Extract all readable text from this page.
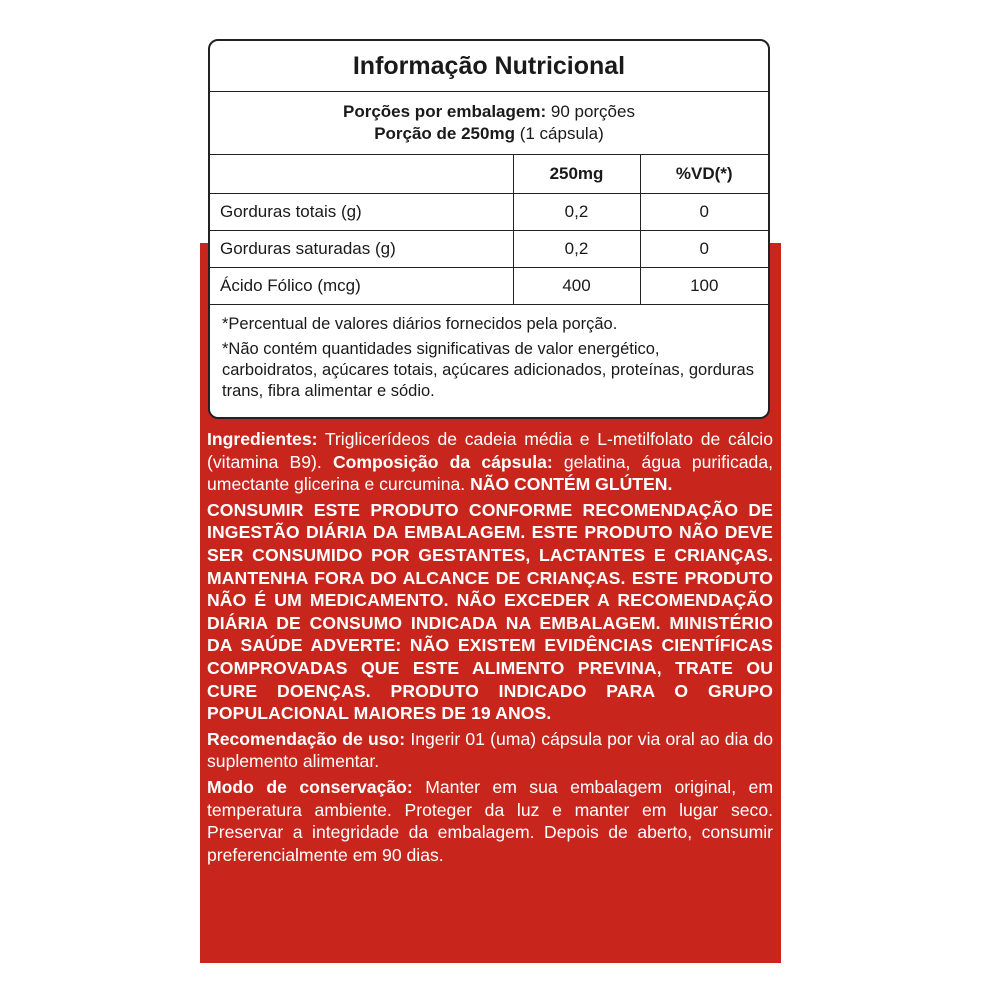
Informação Nutricional
Porções por embalagem: 90 porções
Porção de 250mg (1 cápsula)
	250mg	%VD(*)
Gorduras totais (g)	0,2	0
Gorduras saturadas (g)	0,2	0
Ácido Fólico (mcg)	400	100

*Percentual de valores diários fornecidos pela porção.

*Não contém quantidades significativas de valor energético, carboidratos, açúcares totais, açúcares adicionados, proteínas, gorduras trans, fibra alimentar e sódio.

Ingredientes: Triglicerídeos de cadeia média e L-metilfolato de cálcio (vitamina B9). Composição da cápsula: gelatina, água purificada, umectante glicerina e curcumina. NÃO CONTÉM GLÚTEN.

CONSUMIR ESTE PRODUTO CONFORME RECOMENDAÇÃO DE INGESTÃO DIÁRIA DA EMBALAGEM. ESTE PRODUTO NÃO DEVE SER CONSUMIDO POR GESTANTES, LACTANTES E CRIANÇAS. MANTENHA FORA DO ALCANCE DE CRIANÇAS. ESTE PRODUTO NÃO É UM MEDICAMENTO. NÃO EXCEDER A RECOMENDAÇÃO DIÁRIA DE CONSUMO INDICADA NA EMBALAGEM. MINISTÉRIO DA SAÚDE ADVERTE: NÃO EXISTEM EVIDÊNCIAS CIENTÍFICAS COMPROVADAS QUE ESTE ALIMENTO PREVINA, TRATE OU CURE DOENÇAS. PRODUTO INDICADO PARA O GRUPO POPULACIONAL MAIORES DE 19 ANOS.

Recomendação de uso: Ingerir 01 (uma) cápsula por via oral ao dia do suplemento alimentar.

Modo de conservação: Manter em sua embalagem original, em temperatura ambiente. Proteger da luz e manter em lugar seco. Preservar a integridade da embalagem. Depois de aberto, consumir preferencialmente em 90 dias.
